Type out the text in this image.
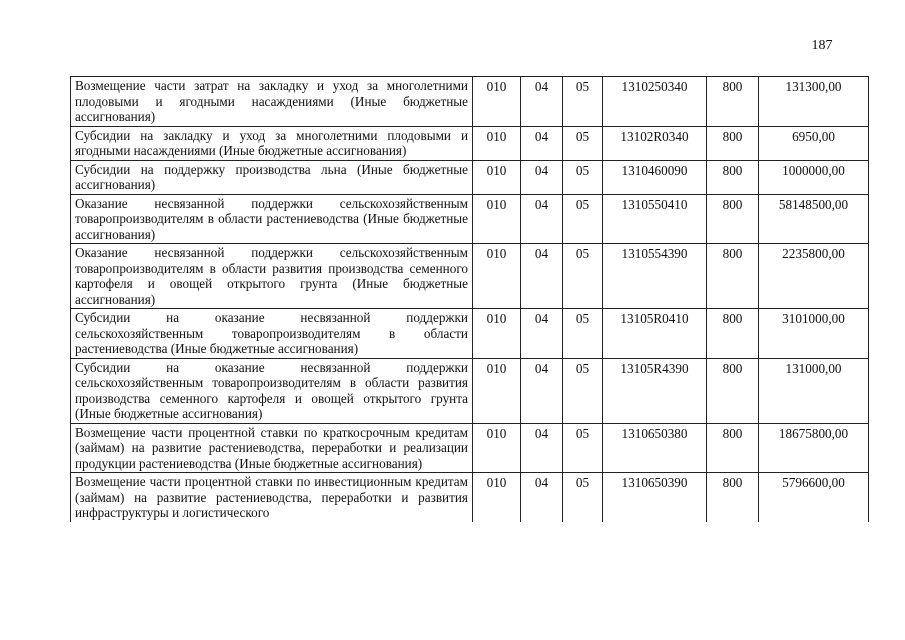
187
Возмещение части затрат на закладку и уход за многолетними плодовыми и ягодными насаждениями (Иные бюджетные ассигнования)	010	04	05	1310250340	800	131300,00
Субсидии на закладку и уход за многолетними плодовыми и ягодными насаждениями (Иные бюджетные ассигнования)	010	04	05	13102R0340	800	6950,00
Субсидии на поддержку производства льна (Иные бюджетные ассигнования)	010	04	05	1310460090	800	1000000,00
Оказание несвязанной поддержки сельскохозяйственным товаропроизводителям в области растениеводства (Иные бюджетные ассигнования)	010	04	05	1310550410	800	58148500,00
Оказание несвязанной поддержки сельскохозяйственным товаропроизводителям в области развития производства семенного картофеля и овощей открытого грунта (Иные бюджетные ассигнования)	010	04	05	1310554390	800	2235800,00
Субсидии на оказание несвязанной поддержки сельскохозяйственным товаропроизводителям в области растениеводства (Иные бюджетные ассигнования)	010	04	05	13105R0410	800	3101000,00
Субсидии на оказание несвязанной поддержки сельскохозяйственным товаропроизводителям в области развития производства семенного картофеля и овощей открытого грунта (Иные бюджетные ассигнования)	010	04	05	13105R4390	800	131000,00
Возмещение части процентной ставки по краткосрочным кредитам (займам) на развитие растениеводства, переработки и реализации продукции растениеводства (Иные бюджетные ассигнования)	010	04	05	1310650380	800	18675800,00
Возмещение части процентной ставки по инвестиционным кредитам (займам) на развитие растениеводства, переработки и развития инфраструктуры и логистического	010	04	05	1310650390	800	5796600,00
